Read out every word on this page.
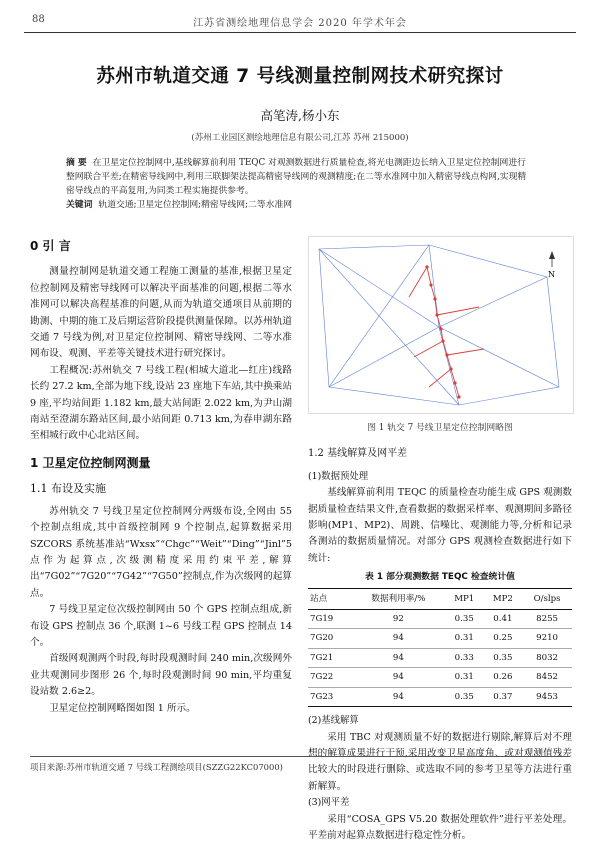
88	江苏省测绘地理信息学会 2020 年学术年会
苏州市轨道交通 7 号线测量控制网技术研究探讨
高笔涛,杨小东
(苏州工业园区测绘地理信息有限公司,江苏 苏州 215000)
摘 要 在卫星定位控制网中,基线解算前利用 TEQC 对观测数据进行质量检查,将光电测距边长纳入卫星定位控制网进行整网联合平差;在精密导线网中,利用三联脚架法提高精密导线网的观测精度;在二等水准网中加入精密导线点构网,实现精密导线点的平高复用,为同类工程实施提供参考。
关键词 轨道交通;卫星定位控制网;精密导线网;二等水准网
0 引 言

测量控制网是轨道交通工程施工测量的基准,根据卫星定位控制网及精密导线网可以解决平面基准的问题,根据二等水准网可以解决高程基准的问题,从而为轨道交通项目从前期的勘测、中期的施工及后期运营阶段提供测量保障。以苏州轨道交通 7 号线为例,对卫星定位控制网、精密导线网、二等水准网布设、观测、平差等关键技术进行研究探讨。

工程概况:苏州轨交 7 号线工程(相城大道北—红庄)线路长约 27.2 km,全部为地下线,设站 23 座地下车站,其中换乘站 9 座,平均站间距 1.182 km,最大站间距 2.022 km,为尹山湖南站至澄湖东路站区间,最小站间距 0.713 km,为春申湖东路至相城行政中心北站区间。

1 卫星定位控制网测量
1.1 布设及实施

苏州轨交 7 号线卫星定位控制网分两级布设,全网由 55 个控制点组成,其中首级控制网 9 个控制点,起算数据采用 SZCORS 系统基准站“Wxsx”“Chgc”“Weit”“Ding”“Jinl”5 点作为起算点,次级测精度采用约束平差,解算出“7G02”“7G20”“7G42”“7G50”控制点,作为次级网的起算点。

7 号线卫星定位次级控制网由 50 个 GPS 控制点组成,新布设 GPS 控制点 36 个,联测 1~6 号线工程 GPS 控制点 14 个。

首级网观测两个时段,每时段观测时间 240 min,次级网外业共观测同步图形 26 个,每时段观测时间 90 min,平均重复设站数 2.6≥2。

卫星定位控制网略图如图 1 所示。

N
图 1 轨交 7 号线卫星定位控制网略图
1.2 基线解算及网平差
(1)数据预处理

基线解算前利用 TEQC 的质量检查功能生成 GPS 观测数据质量检查结果文件,查看数据的数据采样率、观测期间多路径影响(MP1、MP2)、周跳、信噪比、观测能力等,分析和记录各测站的数据质量情况。对部分 GPS 观测检查数据进行如下统计:

表 1 部分观测数据 TEQC 检查统计值
站点	数据利用率/%	MP1	MP2	O/slps
7G19	92	0.35	0.41	8255
7G20	94	0.31	0.25	9210
7G21	94	0.33	0.35	8032
7G22	94	0.31	0.26	8452
7G23	94	0.35	0.37	9453
(2)基线解算

采用 TBC 对观测质量不好的数据进行剔除,解算后对不理想的解算成果进行干预,采用改变卫星高度角、或对观测值残差比较大的时段进行删除、或选取不同的参考卫星等方法进行重新解算。

(3)网平差

采用“COSA_GPS V5.20 数据处理软件”进行平差处理。平差前对起算点数据进行稳定性分析。

项目来源:苏州市轨道交通 7 号线工程测绘项目(SZZG22KC07000)
